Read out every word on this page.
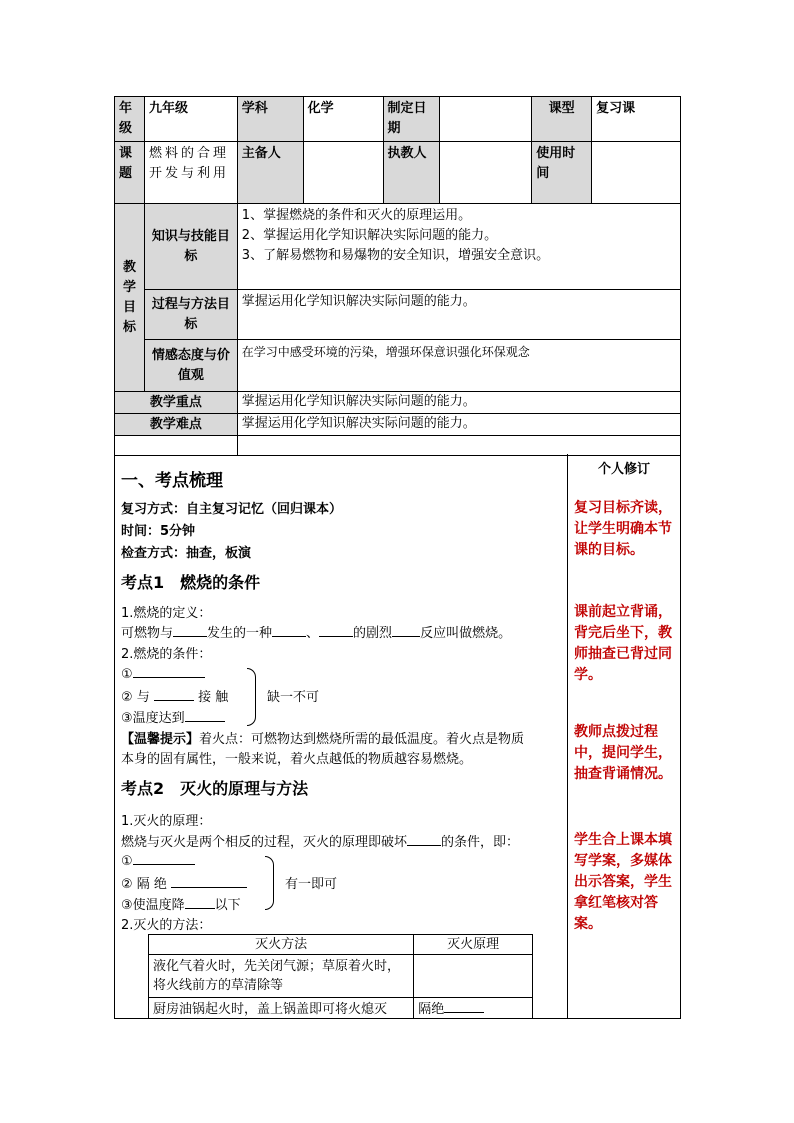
年级	九年级	学科	化学	制定日期		课型	复习课
课题	燃料的合理开发与利用	主备人		执教人		使用时间	
教学目标	知识与技能目标	1、掌握燃烧的条件和灭火的原理运用。
2、掌握运用化学知识解决实际问题的能力。
3、了解易燃物和易爆物的安全知识，增强安全意识。					

	过程与方法目标	掌握运用化学知识解决实际问题的能力。					
	情感态度与价值观	在学习中感受环境的污染，增强环保意识强化环保观念					
教学重点		掌握运用化学知识解决实际问题的能力。					
教学难点		掌握运用化学知识解决实际问题的能力。					

一、考点梳理
复习方式：自主复习记忆（回归课本）
时间：5分钟
检查方式：抽查，板演
考点1　燃烧的条件
1.燃烧的定义：
可燃物与	发生的一种	、	的剧烈 反应叫做燃烧。
2.燃烧的条件：
①
② 与	接 触
③温度达到
缺一不可
【温馨提示】着火点：可燃物达到燃烧所需的最低温度。着火点是物质
本身的固有属性，一般来说，着火点越低的物质越容易燃烧。
考点2　灭火的原理与方法
1.灭火的原理：
燃烧与灭火是两个相反的过程，灭火的原理即破坏	的条件，即：
①
② 隔 绝
③使温度降 以下
有一即可
2.灭火的方法：
灭火方法	灭火原理
液化气着火时，先关闭气源；草原着火时，将火线前方的草清除等	
厨房油锅起火时，盖上锅盖即可将火熄灭	隔绝
个人修订
复习目标齐读，让学生明确本节课的目标。
课前起立背诵，背完后坐下，教师抽查已背过同学。
教师点拨过程中，提问学生，抽查背诵情况。
学生合上课本填写学案，多媒体出示答案，学生拿红笔核对答案。
